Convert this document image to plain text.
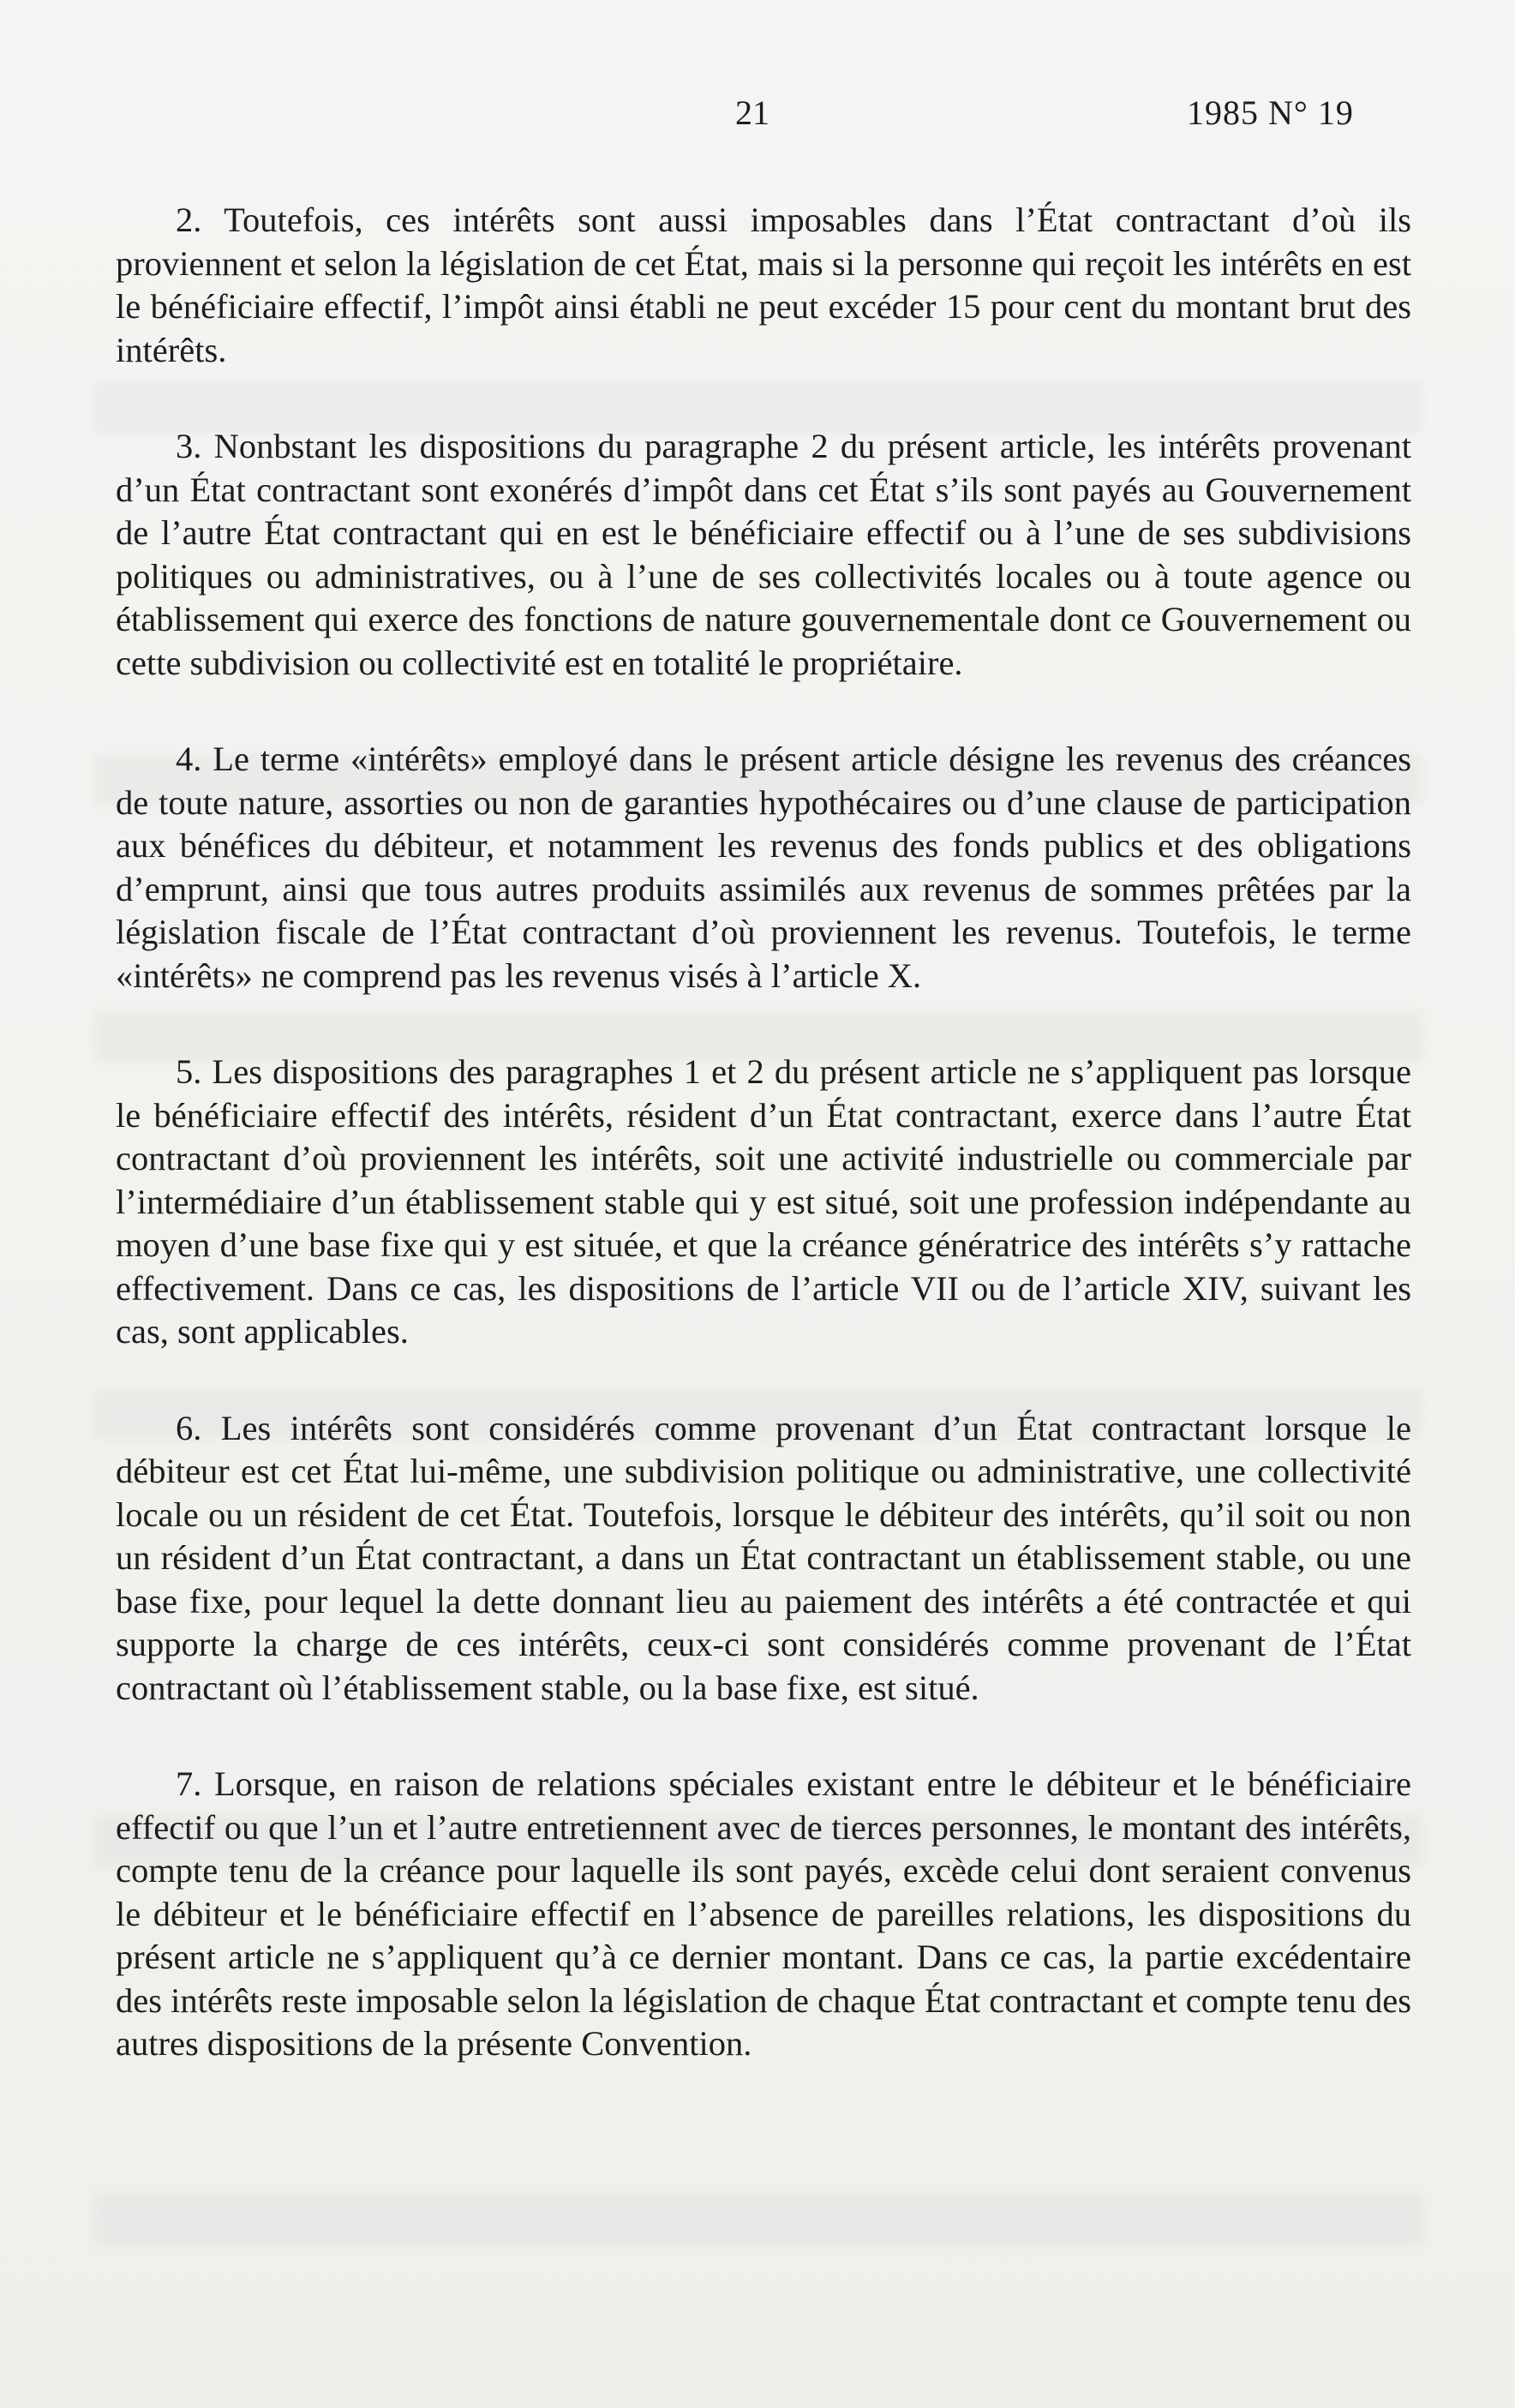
21	1985 N° 19

2. Toutefois, ces intérêts sont aussi imposables dans l’État contractant d’où ils proviennent et selon la législation de cet État, mais si la personne qui reçoit les intérêts en est le bénéficiaire effectif, l’impôt ainsi établi ne peut excéder 15 pour cent du montant brut des intérêts.

3. Nonbstant les dispositions du paragraphe 2 du présent article, les intérêts provenant d’un État contractant sont exonérés d’impôt dans cet État s’ils sont payés au Gouvernement de l’autre État contractant qui en est le bénéficiaire effectif ou à l’une de ses subdivisions politiques ou administratives, ou à l’une de ses collectivités locales ou à toute agence ou établissement qui exerce des fonctions de nature gouvernementale dont ce Gouvernement ou cette subdivision ou collectivité est en totalité le propriétaire.

4. Le terme «intérêts» employé dans le présent article désigne les revenus des créances de toute nature, assorties ou non de garanties hypothécaires ou d’une clause de participation aux bénéfices du débiteur, et notamment les revenus des fonds publics et des obligations d’emprunt, ainsi que tous autres produits assimilés aux revenus de sommes prêtées par la législation fiscale de l’État contractant d’où proviennent les revenus. Toutefois, le terme «intérêts» ne comprend pas les revenus visés à l’article X.

5. Les dispositions des paragraphes 1 et 2 du présent article ne s’appliquent pas lorsque le bénéficiaire effectif des intérêts, résident d’un État contractant, exerce dans l’autre État contractant d’où proviennent les intérêts, soit une activité industrielle ou commerciale par l’intermédiaire d’un établissement stable qui y est situé, soit une profession indépendante au moyen d’une base fixe qui y est située, et que la créance génératrice des intérêts s’y rattache effectivement. Dans ce cas, les dispositions de l’article VII ou de l’article XIV, suivant les cas, sont applicables.

6. Les intérêts sont considérés comme provenant d’un État contractant lorsque le débiteur est cet État lui-même, une subdivision politique ou administrative, une collectivité locale ou un résident de cet État. Toutefois, lorsque le débiteur des intérêts, qu’il soit ou non un résident d’un État contractant, a dans un État contractant un établissement stable, ou une base fixe, pour lequel la dette donnant lieu au paiement des intérêts a été contractée et qui supporte la charge de ces intérêts, ceux-ci sont considérés comme provenant de l’État contractant où l’établissement stable, ou la base fixe, est situé.

7. Lorsque, en raison de relations spéciales existant entre le débiteur et le bénéficiaire effectif ou que l’un et l’autre entretiennent avec de tierces personnes, le montant des intérêts, compte tenu de la créance pour laquelle ils sont payés, excède celui dont seraient convenus le débiteur et le bénéficiaire effectif en l’absence de pareilles relations, les dispositions du présent article ne s’appliquent qu’à ce dernier montant. Dans ce cas, la partie excédentaire des intérêts reste imposable selon la législation de chaque État contractant et compte tenu des autres dispositions de la présente Convention.
